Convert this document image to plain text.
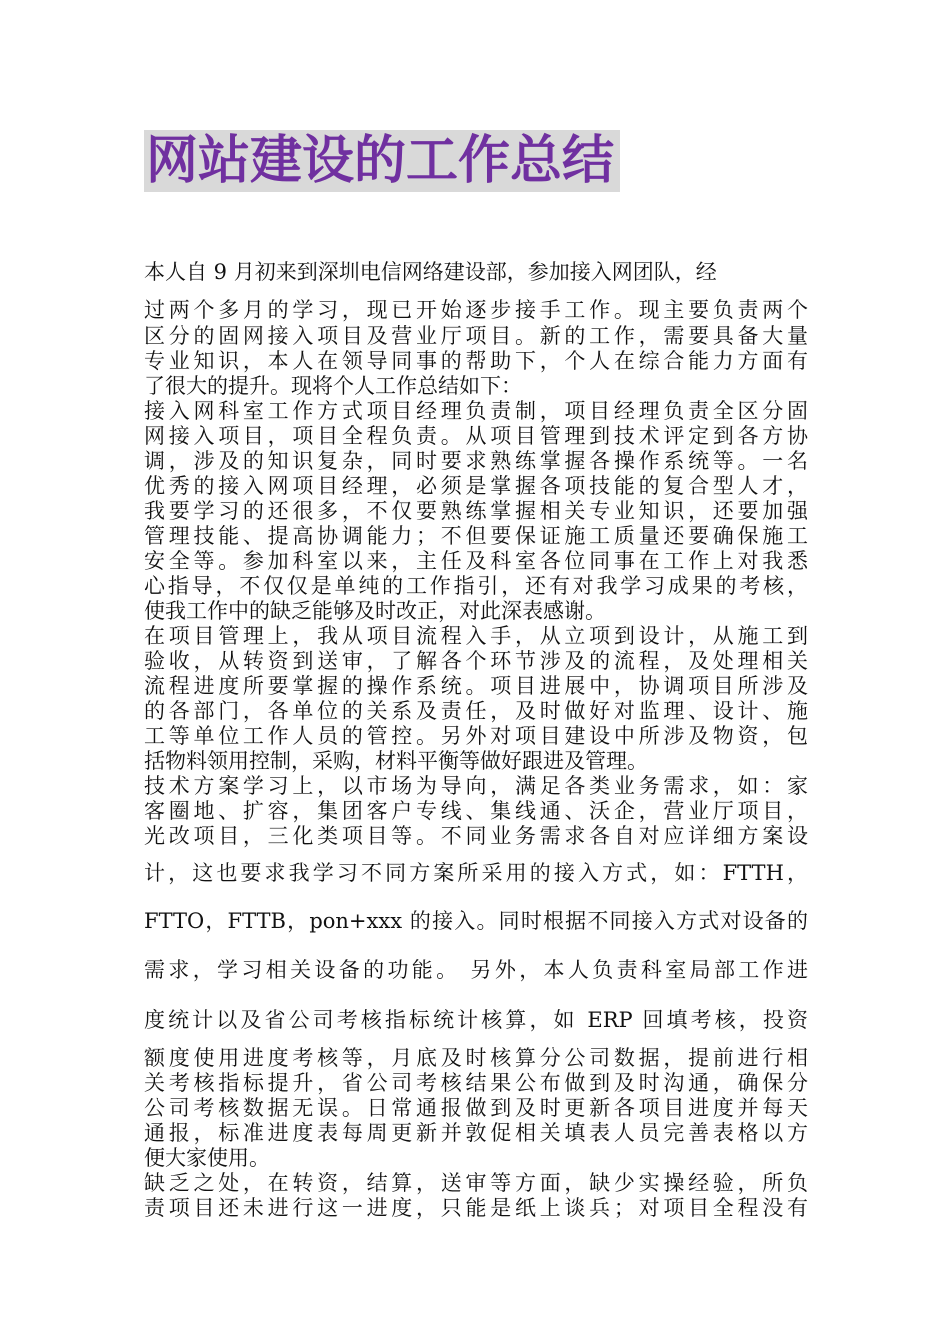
网站建设的工作总结

本人自 9 月初来到深圳电信网络建设部，参加接入网团队，经

过两个多月的学习，现已开始逐步接手工作。现主要负责两个

区分的固网接入项目及营业厅项目。新的工作，需要具备大量

专业知识，本人在领导同事的帮助下，个人在综合能力方面有

了很大的提升。现将个人工作总结如下：

接入网科室工作方式项目经理负责制，项目经理负责全区分固

网接入项目，项目全程负责。从项目管理到技术评定到各方协

调，涉及的知识复杂，同时要求熟练掌握各操作系统等。一名

优秀的接入网项目经理，必须是掌握各项技能的复合型人才，

我要学习的还很多，不仅要熟练掌握相关专业知识，还要加强

管理技能、提高协调能力；不但要保证施工质量还要确保施工

安全等。参加科室以来，主任及科室各位同事在工作上对我悉

心指导，不仅仅是单纯的工作指引，还有对我学习成果的考核，

使我工作中的缺乏能够及时改正，对此深表感谢。

在项目管理上，我从项目流程入手，从立项到设计，从施工到

验收，从转资到送审，了解各个环节涉及的流程，及处理相关

流程进度所要掌握的操作系统。项目进展中，协调项目所涉及

的各部门，各单位的关系及责任，及时做好对监理、设计、施

工等单位工作人员的管控。另外对项目建设中所涉及物资，包

括物料领用控制，采购，材料平衡等做好跟进及管理。

技术方案学习上，以市场为导向，满足各类业务需求，如：家

客圈地、扩容，集团客户专线、集线通、沃企，营业厅项目，

光改项目，三化类项目等。不同业务需求各自对应详细方案设

计，这也要求我学习不同方案所采用的接入方式，如：FTTH，

FTTO，FTTB，pon+xxx 的接入。同时根据不同接入方式对设备的

需求，学习相关设备的功能。 另外，本人负责科室局部工作进

度统计以及省公司考核指标统计核算，如 ERP 回填考核，投资

额度使用进度考核等，月底及时核算分公司数据，提前进行相

关考核指标提升，省公司考核结果公布做到及时沟通，确保分

公司考核数据无误。日常通报做到及时更新各项目进度并每天

通报，标准进度表每周更新并敦促相关填表人员完善表格以方

便大家使用。

缺乏之处，在转资，结算，送审等方面，缺少实操经验，所负

责项目还未进行这一进度，只能是纸上谈兵；对项目全程没有
